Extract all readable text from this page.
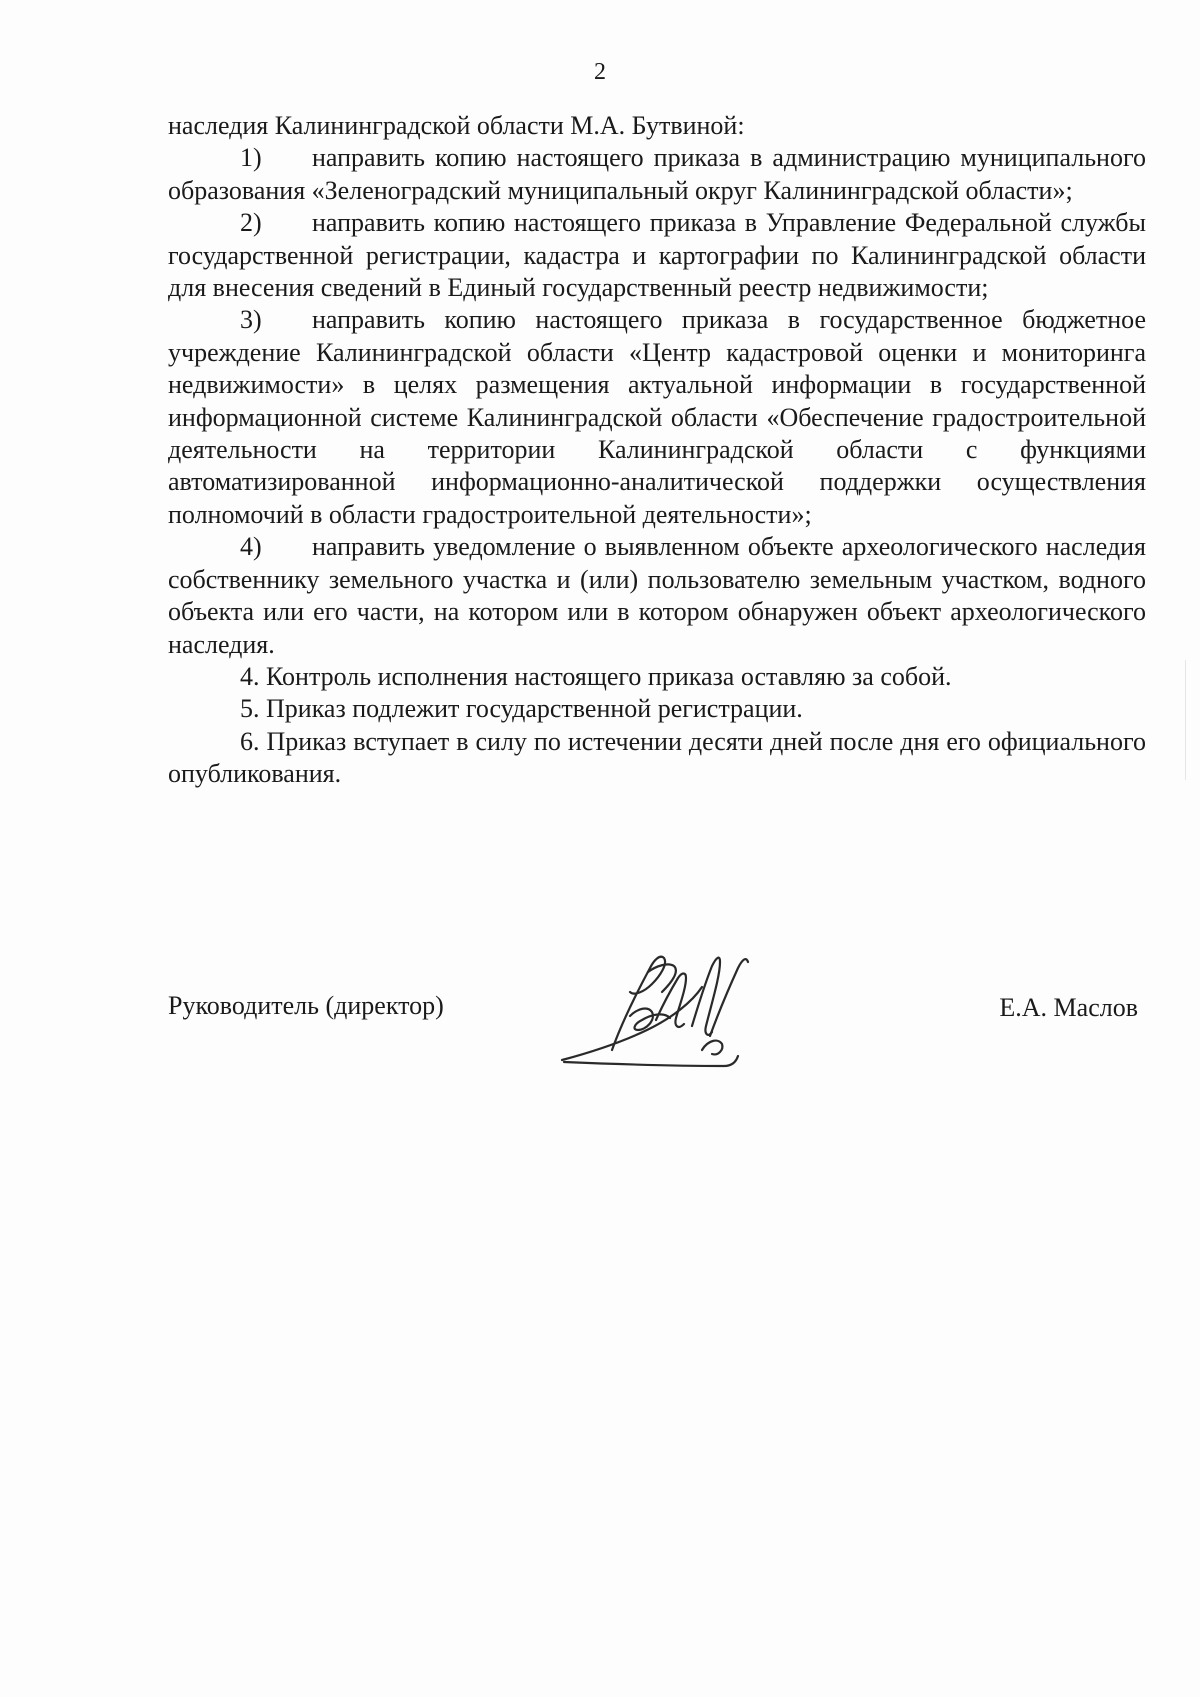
2

наследия Калининградской области М.А. Бутвиной:

1) направить копию настоящего приказа в администрацию муниципального образования «Зеленоградский муниципальный округ Калининградской области»;

2) направить копию настоящего приказа в Управление Федеральной службы государственной регистрации, кадастра и картографии по Калининградской области для внесения сведений в Единый государственный реестр недвижимости;

3) направить копию настоящего приказа в государственное бюджетное учреждение Калининградской области «Центр кадастровой оценки и мониторинга недвижимости» в целях размещения актуальной информации в государственной информационной системе Калининградской области «Обеспечение градостроительной деятельности на территории Калининградской области с функциями автоматизированной информационно-аналитической поддержки осуществления полномочий в области градостроительной деятельности»;

4) направить уведомление о выявленном объекте археологического наследия собственнику земельного участка и (или) пользователю земельным участком, водного объекта или его части, на котором или в котором обнаружен объект археологического наследия.

4. Контроль исполнения настоящего приказа оставляю за собой.

5. Приказ подлежит государственной регистрации.

6. Приказ вступает в силу по истечении десяти дней после дня его официального опубликования.

Руководитель (директор)	Е.А. Маслов
